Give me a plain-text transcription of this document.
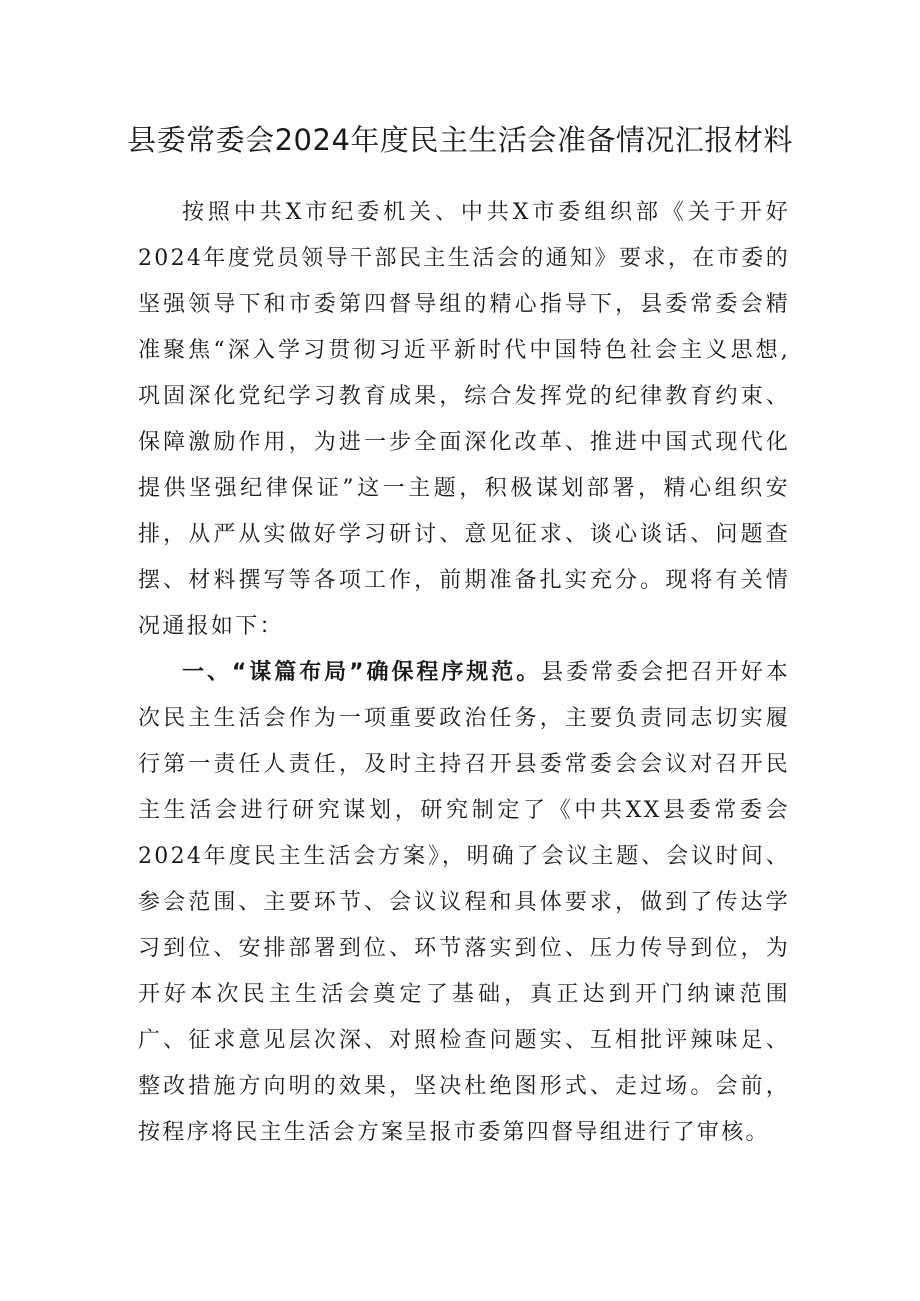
县委常委会2024年度民主生活会准备情况汇报材料

按照中共X市纪委机关、中共X市委组织部《关于开好2024年度党员领导干部民主生活会的通知》要求，在市委的坚强领导下和市委第四督导组的精心指导下，县委常委会精准聚焦“深入学习贯彻习近平新时代中国特色社会主义思想,巩固深化党纪学习教育成果，综合发挥党的纪律教育约束、保障激励作用，为进一步全面深化改革、推进中国式现代化提供坚强纪律保证”这一主题，积极谋划部署，精心组织安排，从严从实做好学习研讨、意见征求、谈心谈话、问题查摆、材料撰写等各项工作，前期准备扎实充分。现将有关情况通报如下：

一、“谋篇布局”确保程序规范。县委常委会把召开好本次民主生活会作为一项重要政治任务，主要负责同志切实履行第一责任人责任，及时主持召开县委常委会会议对召开民主生活会进行研究谋划，研究制定了《中共XX县委常委会2024年度民主生活会方案》，明确了会议主题、会议时间、参会范围、主要环节、会议议程和具体要求，做到了传达学习到位、安排部署到位、环节落实到位、压力传导到位，为开好本次民主生活会奠定了基础，真正达到开门纳谏范围广、征求意见层次深、对照检查问题实、互相批评辣味足、整改措施方向明的效果，坚决杜绝图形式、走过场。会前，按程序将民主生活会方案呈报市委第四督导组进行了审核。
